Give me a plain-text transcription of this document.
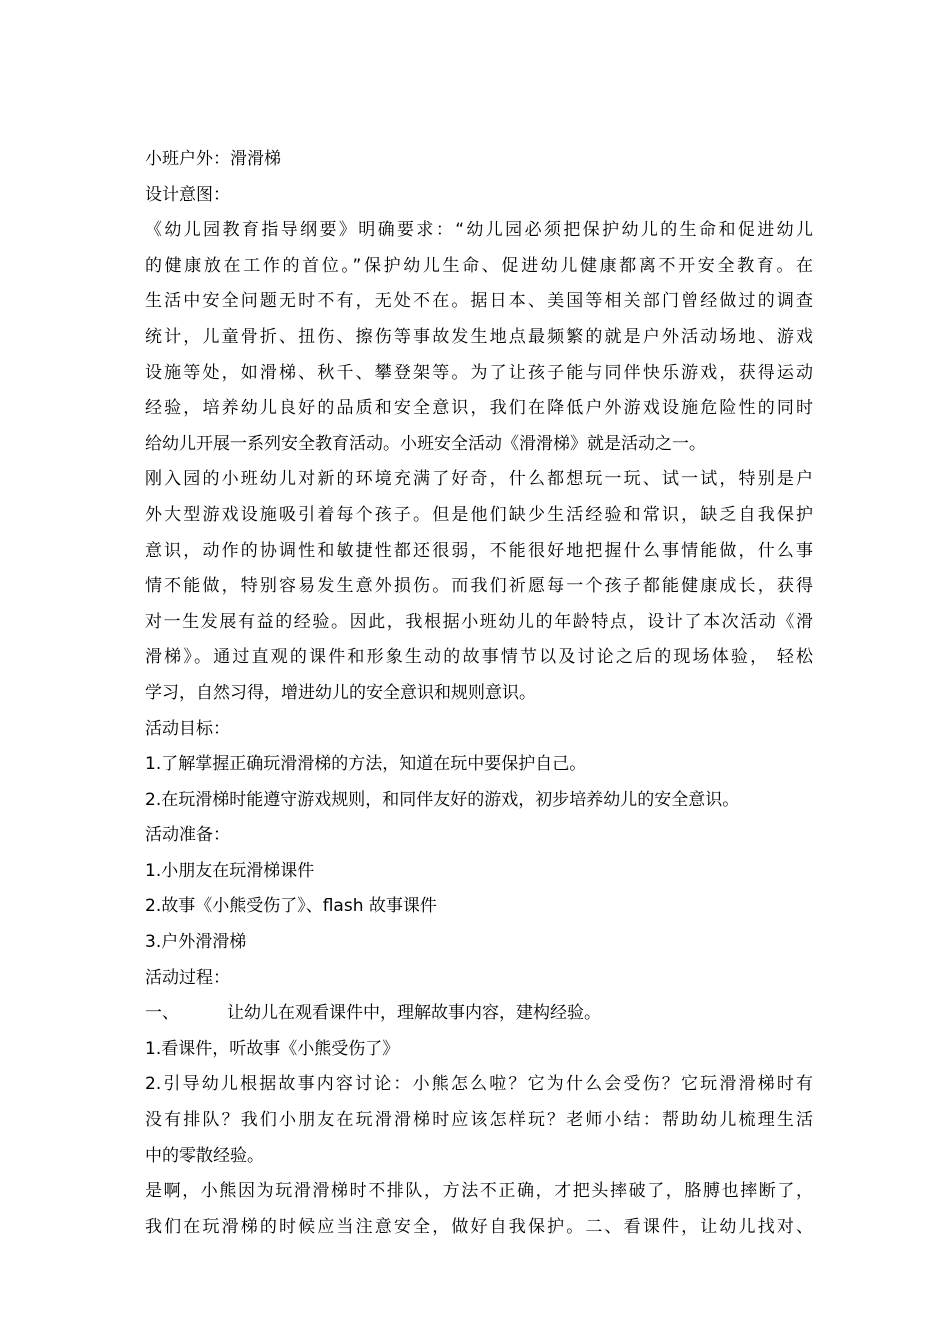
小班户外：滑滑梯
设计意图：
《幼儿园教育指导纲要》明确要求：“幼儿园必须把保护幼儿的生命和促进幼儿
的健康放在工作的首位。”保护幼儿生命、促进幼儿健康都离不开安全教育。在
生活中安全问题无时不有，无处不在。据日本、美国等相关部门曾经做过的调查
统计，儿童骨折、扭伤、擦伤等事故发生地点最频繁的就是户外活动场地、游戏
设施等处，如滑梯、秋千、攀登架等。为了让孩子能与同伴快乐游戏，获得运动
经验，培养幼儿良好的品质和安全意识，我们在降低户外游戏设施危险性的同时
给幼儿开展一系列安全教育活动。小班安全活动《滑滑梯》就是活动之一。
刚入园的小班幼儿对新的环境充满了好奇，什么都想玩一玩、试一试，特别是户
外大型游戏设施吸引着每个孩子。但是他们缺少生活经验和常识，缺乏自我保护
意识，动作的协调性和敏捷性都还很弱，不能很好地把握什么事情能做，什么事
情不能做，特别容易发生意外损伤。而我们祈愿每一个孩子都能健康成长，获得
对一生发展有益的经验。因此，我根据小班幼儿的年龄特点，设计了本次活动《滑
滑梯》。通过直观的课件和形象生动的故事情节以及讨论之后的现场体验， 轻松
学习，自然习得，增进幼儿的安全意识和规则意识。
活动目标：
1.了解掌握正确玩滑滑梯的方法，知道在玩中要保护自己。
2.在玩滑梯时能遵守游戏规则，和同伴友好的游戏，初步培养幼儿的安全意识。
活动准备：
1.小朋友在玩滑梯课件
2.故事《小熊受伤了》、flash 故事课件
3.户外滑滑梯
活动过程：
一、	让幼儿在观看课件中，理解故事内容，建构经验。
1.看课件，听故事《小熊受伤了》
2.引导幼儿根据故事内容讨论：小熊怎么啦？它为什么会受伤？它玩滑滑梯时有
没有排队？我们小朋友在玩滑滑梯时应该怎样玩？老师小结：帮助幼儿梳理生活
中的零散经验。
是啊，小熊因为玩滑滑梯时不排队，方法不正确，才把头摔破了，胳膊也摔断了，
我们在玩滑梯的时候应当注意安全，做好自我保护。二、看课件，让幼儿找对、
